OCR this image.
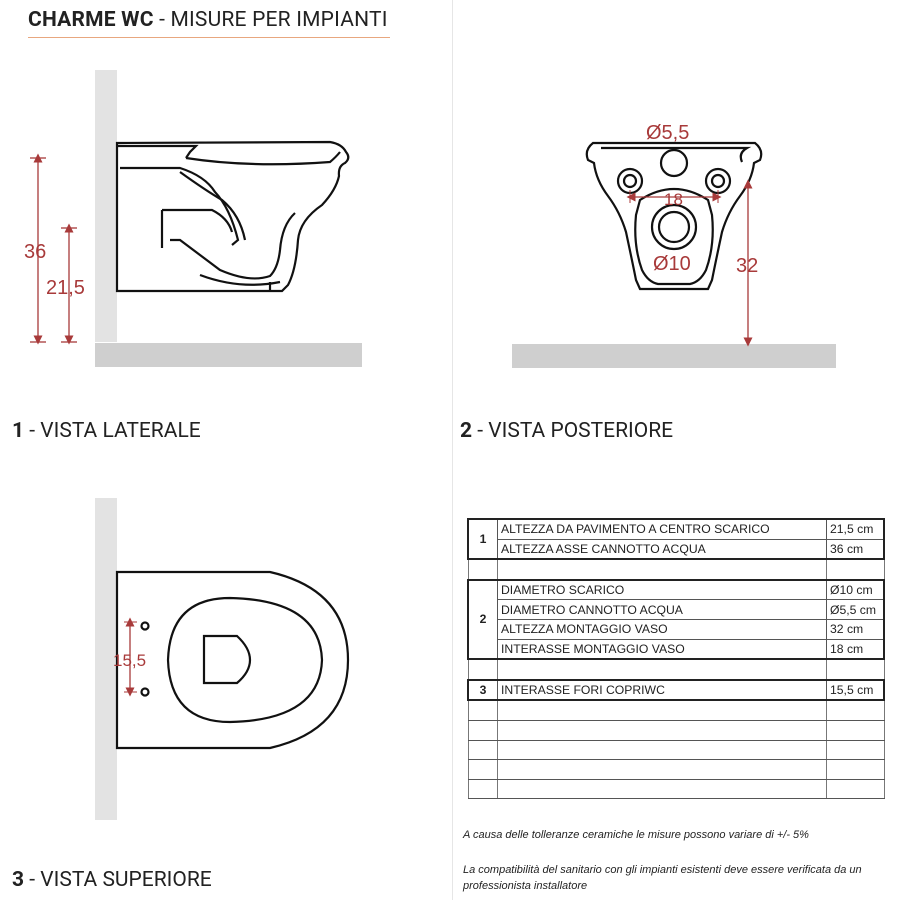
CHARME WC - MISURE PER IMPIANTI
36
21,5
Ø5,5
18
Ø10 32
15,5
1 - VISTA LATERALE	2 - VISTA POSTERIORE
3 - VISTA SUPERIORE
1	ALTEZZA DA PAVIMENTO A CENTRO SCARICO	21,5 cm
	ALTEZZA ASSE CANNOTTO ACQUA	36 cm

2	DIAMETRO SCARICO	Ø10 cm
	DIAMETRO CANNOTTO ACQUA	Ø5,5 cm
	ALTEZZA MONTAGGIO VASO	32 cm
	INTERASSE MONTAGGIO VASO	18 cm

3	INTERASSE FORI COPRIWC	15,5 cm

A causa delle tolleranze ceramiche le misure possono variare di +/- 5%
La compatibilità del sanitario con gli impianti esistenti deve essere verificata da un professionista installatore
